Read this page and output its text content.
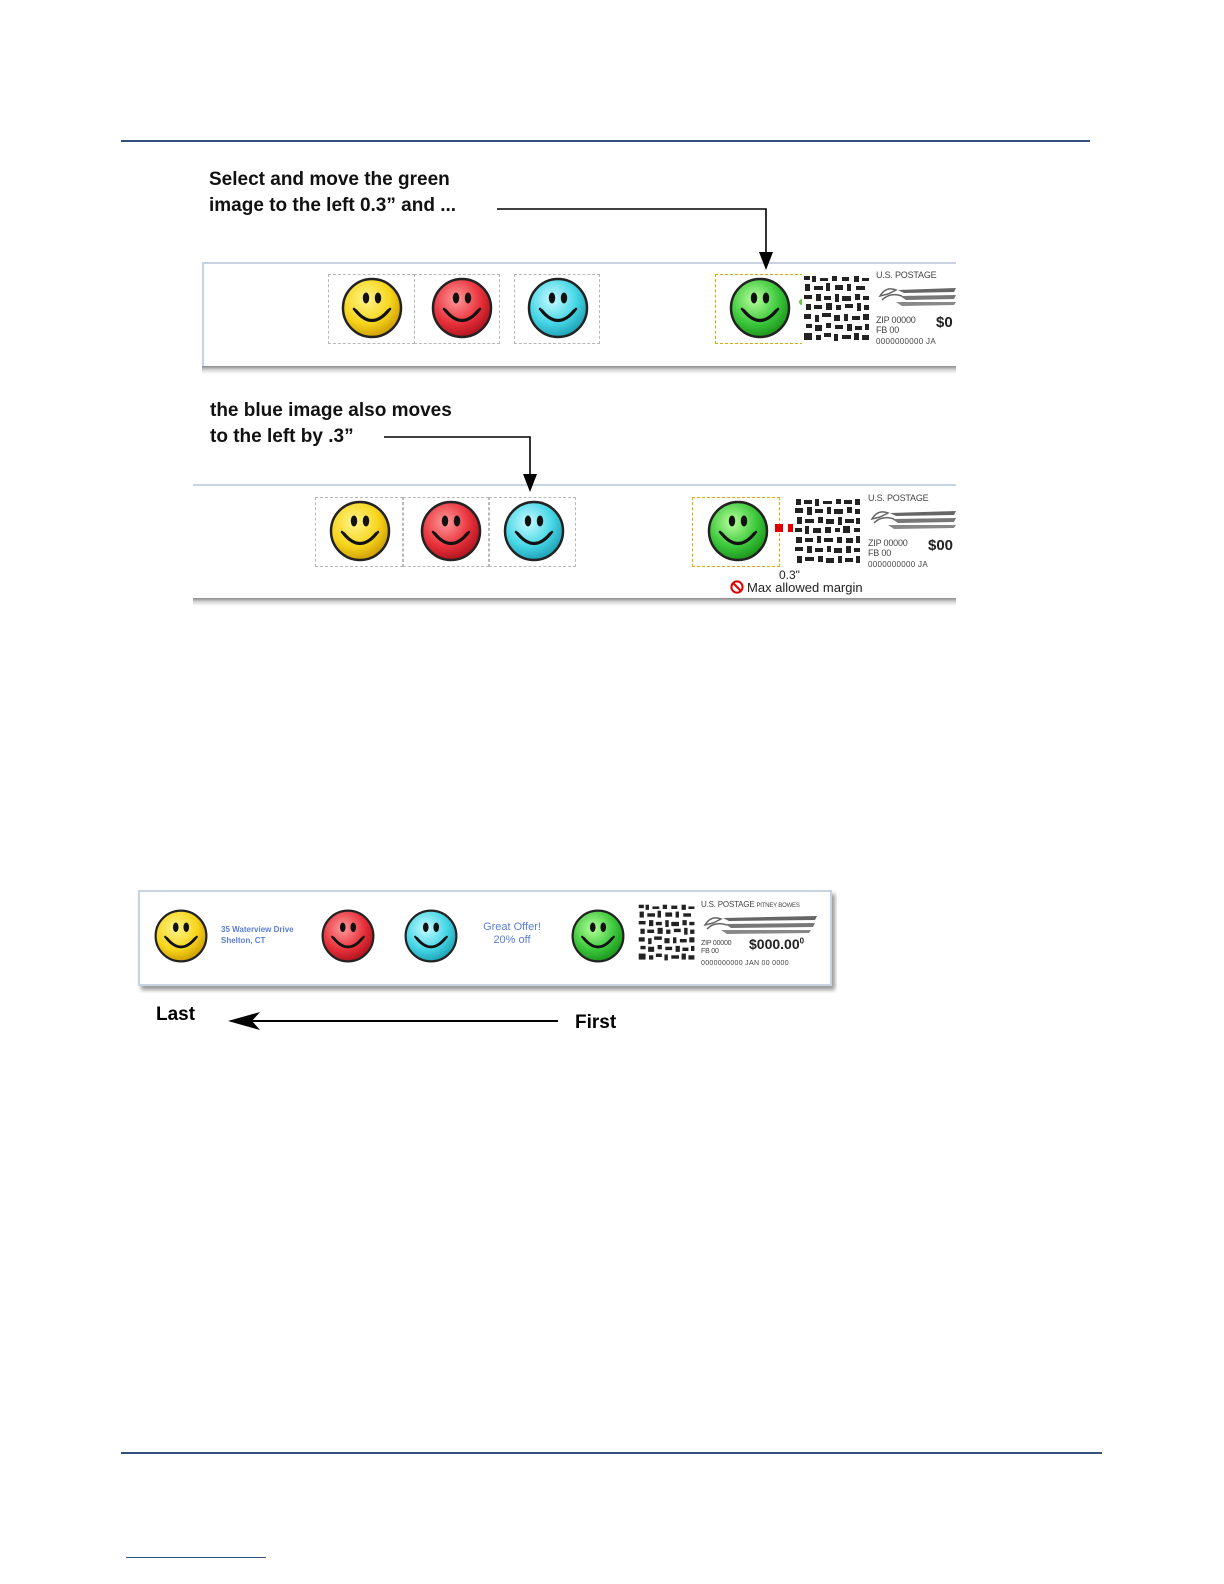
Select and move the green
image to the left 0.3” and ...
U.S. POSTAGE
ZIP 00000
FB 00 $0
0000000000 JA
the blue image also moves
to the left by .3”
U.S. POSTAGE
ZIP 00000
FB 00 $00
0000000000 JA
0.3"
Max allowed margin
35 Waterview Drive
Shelton, CT
Great Offer!
20% off
U.S. POSTAGE PITNEY BOWES
ZIP 00000
FB 00 $000.00$^0$
0000000000 JAN 00 0000
Last	First
